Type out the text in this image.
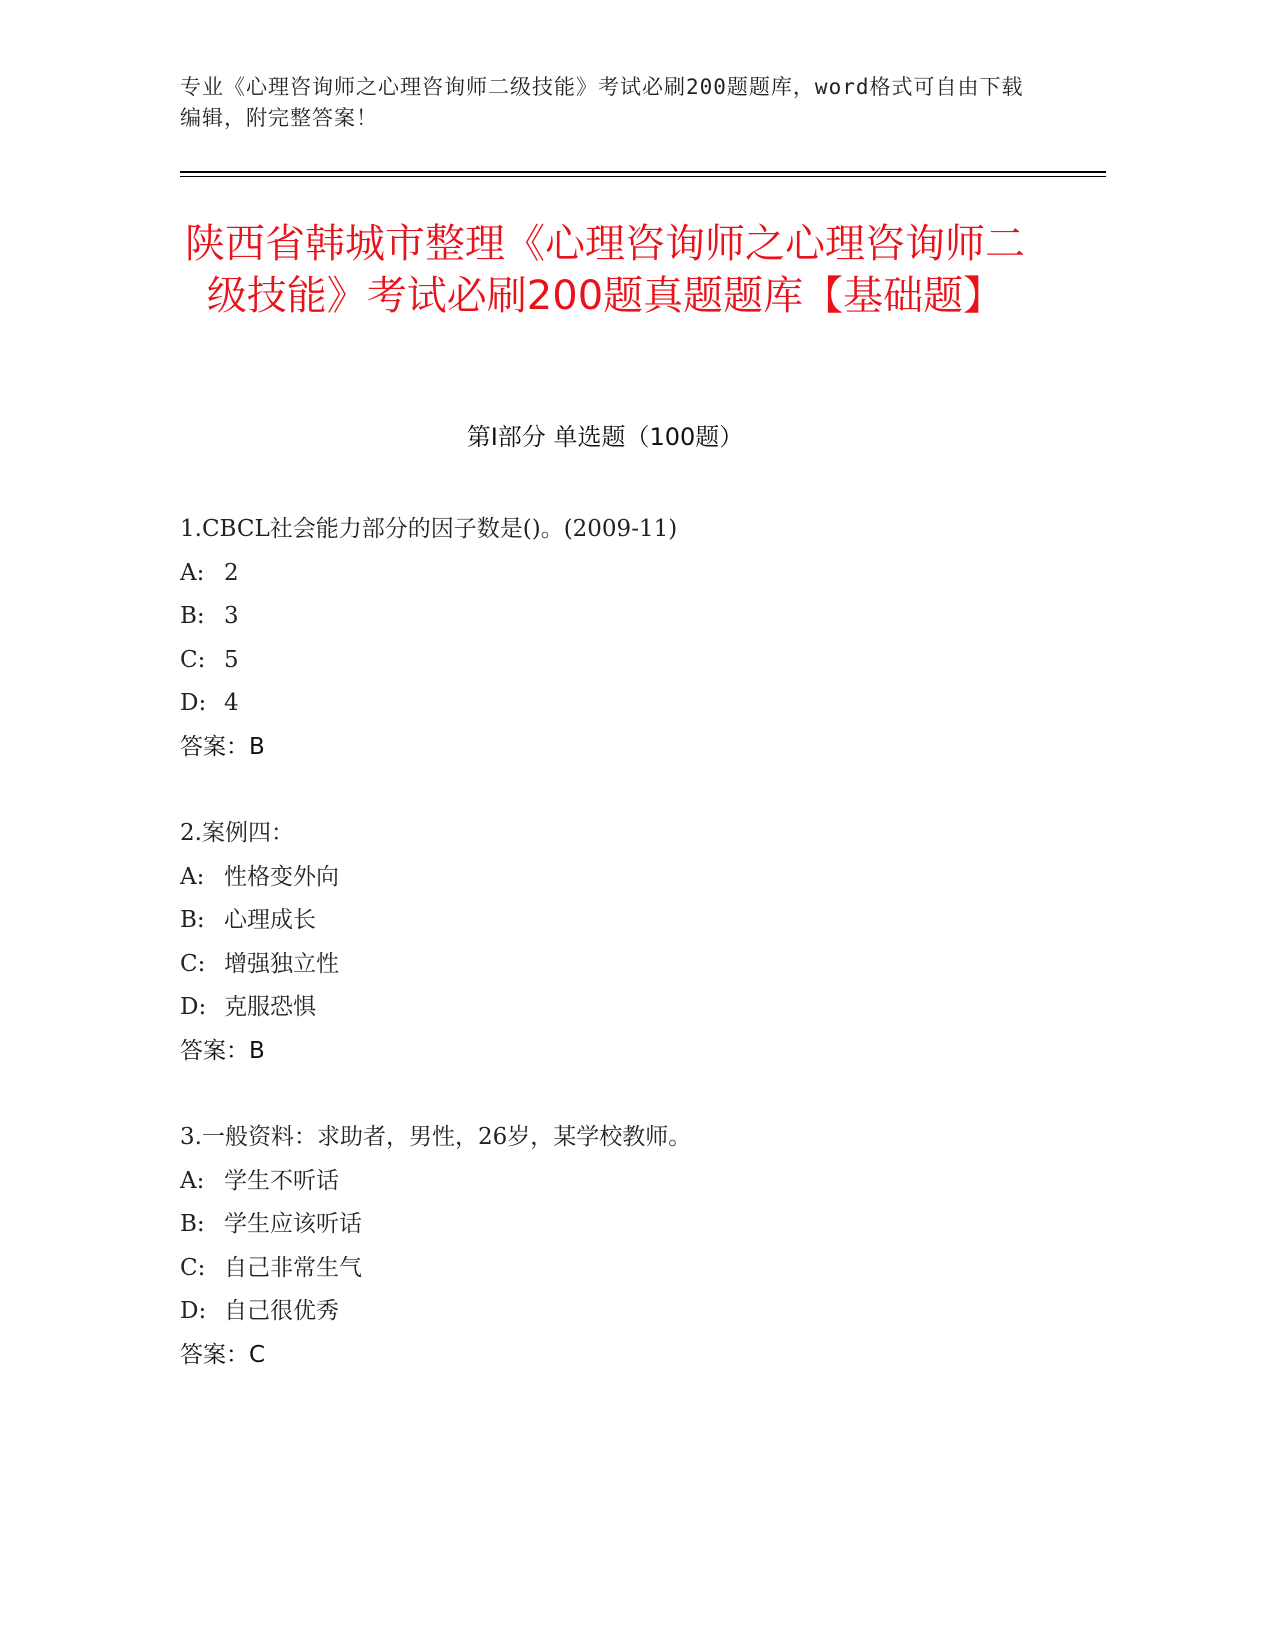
专业《心理咨询师之心理咨询师二级技能》考试必刷200题题库，word格式可自由下载编辑，附完整答案！
陕西省韩城市整理《心理咨询师之心理咨询师二级技能》考试必刷200题真题题库【基础题】
第Ⅰ部分 单选题（100题）
1.CBCL社会能力部分的因子数是()。(2009-11)
A: 2
B: 3
C: 5
D: 4
答案：B
2.案例四：
A: 性格变外向
B: 心理成长
C: 增强独立性
D: 克服恐惧
答案：B
3.一般资料：求助者，男性，26岁，某学校教师。
A: 学生不听话
B: 学生应该听话
C: 自己非常生气
D: 自己很优秀
答案：C
